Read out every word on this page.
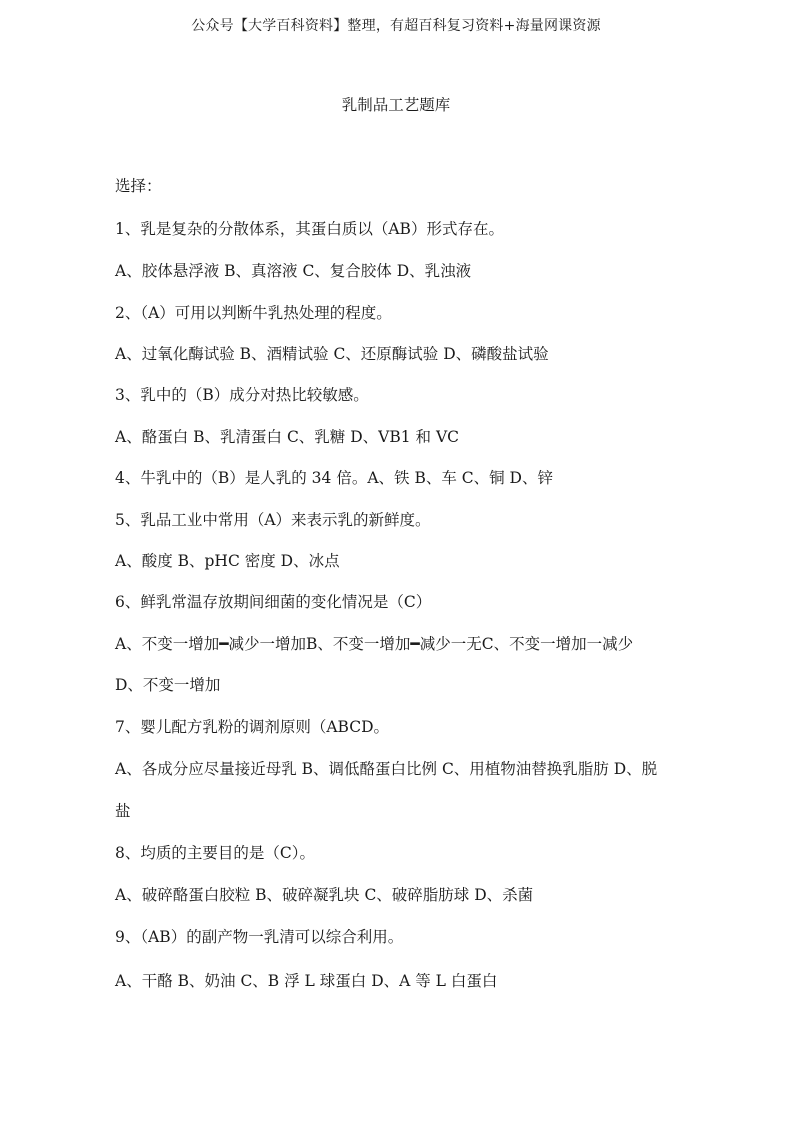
公众号【大学百科资料】整理，有超百科复习资料+海量网课资源
乳制品工艺题库
选择：
1、乳是复杂的分散体系，其蛋白质以（AB）形式存在。
A、胶体悬浮液 B、真溶液 C、复合胶体 D、乳浊液
2、（A）可用以判断牛乳热处理的程度。
A、过氧化酶试验 B、酒精试验 C、还原酶试验 D、磷酸盐试验
3、乳中的（B）成分对热比较敏感。
A、酪蛋白 B、乳清蛋白 C、乳糖 D、VB1 和 VC
4、牛乳中的（B）是人乳的 34 倍。A、铁 B、车 C、铜 D、锌
5、乳品工业中常用（A）来表示乳的新鲜度。
A、酸度 B、pHC 密度 D、冰点
6、鲜乳常温存放期间细菌的变化情况是（C）
A、不变一增加━减少一增加B、不变一增加━减少一无C、不变一增加一减少
D、不变一增加
7、婴儿配方乳粉的调剂原则（ABCD。
A、各成分应尽量接近母乳 B、调低酪蛋白比例 C、用植物油替换乳脂肪 D、脱
盐
8、均质的主要目的是（C）。
A、破碎酪蛋白胶粒 B、破碎凝乳块 C、破碎脂肪球 D、杀菌
9、（AB）的副产物一乳清可以综合利用。
A、干酪 B、奶油 C、B 浮 L 球蛋白 D、A 等 L 白蛋白
